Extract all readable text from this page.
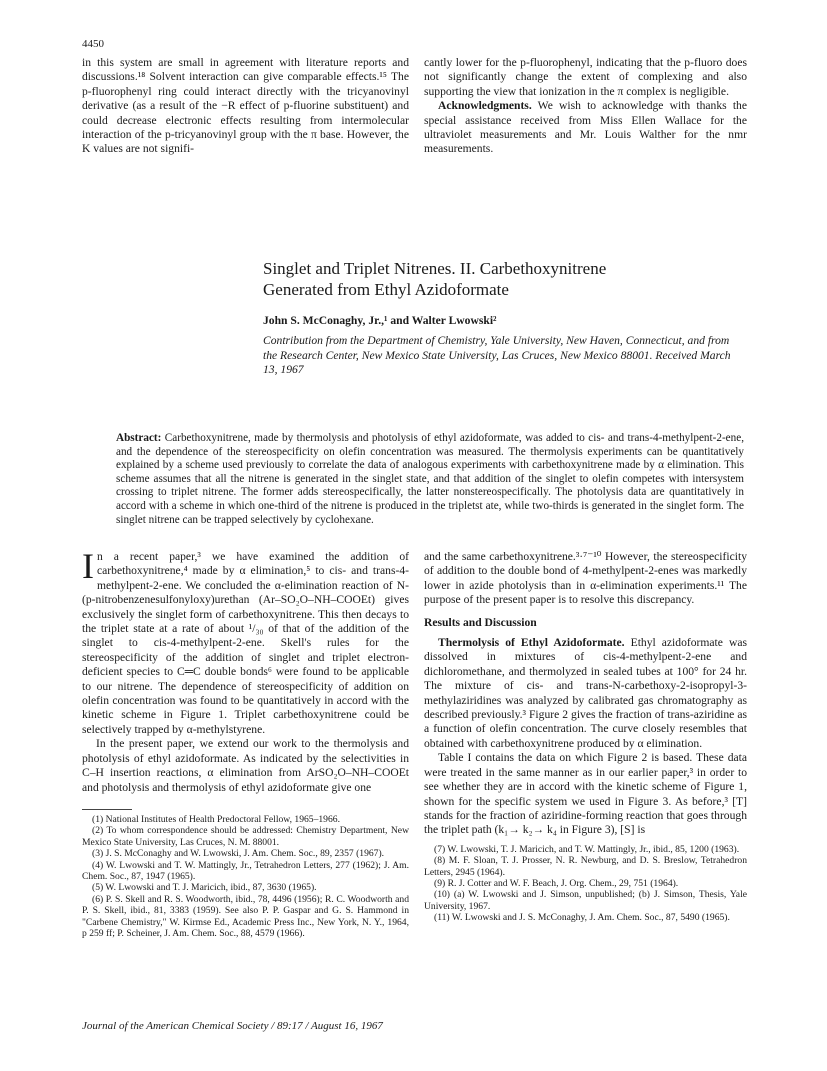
4450

in this system are small in agreement with literature reports and discussions.¹⁸ Solvent interaction can give comparable effects.¹⁵ The p-fluorophenyl ring could interact directly with the tricyanovinyl derivative (as a result of the −R effect of p-fluorine substituent) and could decrease electronic effects resulting from intermolecular interaction of the p-tricyanovinyl group with the π base. However, the K values are not signifi-

cantly lower for the p-fluorophenyl, indicating that the p-fluoro does not significantly change the extent of complexing and also supporting the view that ionization in the π complex is negligible.

Acknowledgments. We wish to acknowledge with thanks the special assistance received from Miss Ellen Wallace for the ultraviolet measurements and Mr. Louis Walther for the nmr measurements.

Singlet and Triplet Nitrenes. II. Carbethoxynitrene
Generated from Ethyl Azidoformate
John S. McConaghy, Jr.,¹ and Walter Lwowski²
Contribution from the Department of Chemistry, Yale University, New Haven, Connecticut, and from the Research Center, New Mexico State University, Las Cruces, New Mexico 88001. Received March 13, 1967
Abstract: Carbethoxynitrene, made by thermolysis and photolysis of ethyl azidoformate, was added to cis- and trans-4-methylpent-2-ene, and the dependence of the stereospecificity on olefin concentration was measured. The thermolysis experiments can be quantitatively explained by a scheme used previously to correlate the data of analogous experiments with carbethoxynitrene made by α elimination. This scheme assumes that all the nitrene is generated in the singlet state, and that addition of the singlet to olefin competes with intersystem crossing to triplet nitrene. The former adds stereospecifically, the latter nonstereospecifically. The photolysis data are quantitatively in accord with a scheme in which one-third of the nitrene is produced in the tripletst ate, while two-thirds is generated in the singlet form. The singlet nitrene can be trapped selectively by cyclohexane.

In a recent paper,³ we have examined the addition of carbethoxynitrene,⁴ made by α elimination,⁵ to cis- and trans-4-methylpent-2-ene. We concluded the α-elimination reaction of N-(p-nitrobenzenesulfonyloxy)urethan (Ar–SO₂O–NH–COOEt) gives exclusively the singlet form of carbethoxynitrene. This then decays to the triplet state at a rate of about ¹/₃₀ of that of the addition of the singlet to cis-4-methylpent-2-ene. Skell's rules for the stereospecificity of the addition of singlet and triplet electron-deficient species to C═C double bonds⁶ were found to be applicable to our nitrene. The dependence of stereospecificity of addition on olefin concentration was found to be quantitatively in accord with the kinetic scheme in Figure 1. Triplet carbethoxynitrene could be selectively trapped by α-methylstyrene.

In the present paper, we extend our work to the thermolysis and photolysis of ethyl azidoformate. As indicated by the selectivities in C–H insertion reactions, α elimination from ArSO₂O–NH–COOEt and photolysis and thermolysis of ethyl azidoformate give one

(1) National Institutes of Health Predoctoral Fellow, 1965–1966.

(2) To whom correspondence should be addressed: Chemistry Department, New Mexico State University, Las Cruces, N. M. 88001.

(3) J. S. McConaghy and W. Lwowski, J. Am. Chem. Soc., 89, 2357 (1967).

(4) W. Lwowski and T. W. Mattingly, Jr., Tetrahedron Letters, 277 (1962); J. Am. Chem. Soc., 87, 1947 (1965).

(5) W. Lwowski and T. J. Maricich, ibid., 87, 3630 (1965).

(6) P. S. Skell and R. S. Woodworth, ibid., 78, 4496 (1956); R. C. Woodworth and P. S. Skell, ibid., 81, 3383 (1959). See also P. P. Gaspar and G. S. Hammond in "Carbene Chemistry," W. Kirmse Ed., Academic Press Inc., New York, N. Y., 1964, p 259 ff; P. Scheiner, J. Am. Chem. Soc., 88, 4579 (1966).

and the same carbethoxynitrene.³·⁷⁻¹⁰ However, the stereospecificity of addition to the double bond of 4-methylpent-2-enes was markedly lower in azide photolysis than in α-elimination experiments.¹¹ The purpose of the present paper is to resolve this discrepancy.

Results and Discussion

Thermolysis of Ethyl Azidoformate. Ethyl azidoformate was dissolved in mixtures of cis-4-methylpent-2-ene and dichloromethane, and thermolyzed in sealed tubes at 100° for 24 hr. The mixture of cis- and trans-N-carbethoxy-2-isopropyl-3-methylaziridines was analyzed by calibrated gas chromatography as described previously.³ Figure 2 gives the fraction of trans-aziridine as a function of olefin concentration. The curve closely resembles that obtained with carbethoxynitrene produced by α elimination.

Table I contains the data on which Figure 2 is based. These data were treated in the same manner as in our earlier paper,³ in order to see whether they are in accord with the kinetic scheme of Figure 1, shown for the specific system we used in Figure 3. As before,³ [T] stands for the fraction of aziridine-forming reaction that goes through the triplet path (k₁→ k₂→ k₄ in Figure 3), [S] is

(7) W. Lwowski, T. J. Maricich, and T. W. Mattingly, Jr., ibid., 85, 1200 (1963).

(8) M. F. Sloan, T. J. Prosser, N. R. Newburg, and D. S. Breslow, Tetrahedron Letters, 2945 (1964).

(9) R. J. Cotter and W. F. Beach, J. Org. Chem., 29, 751 (1964).

(10) (a) W. Lwowski and J. Simson, unpublished; (b) J. Simson, Thesis, Yale University, 1967.

(11) W. Lwowski and J. S. McConaghy, J. Am. Chem. Soc., 87, 5490 (1965).

Journal of the American Chemical Society / 89:17 / August 16, 1967
